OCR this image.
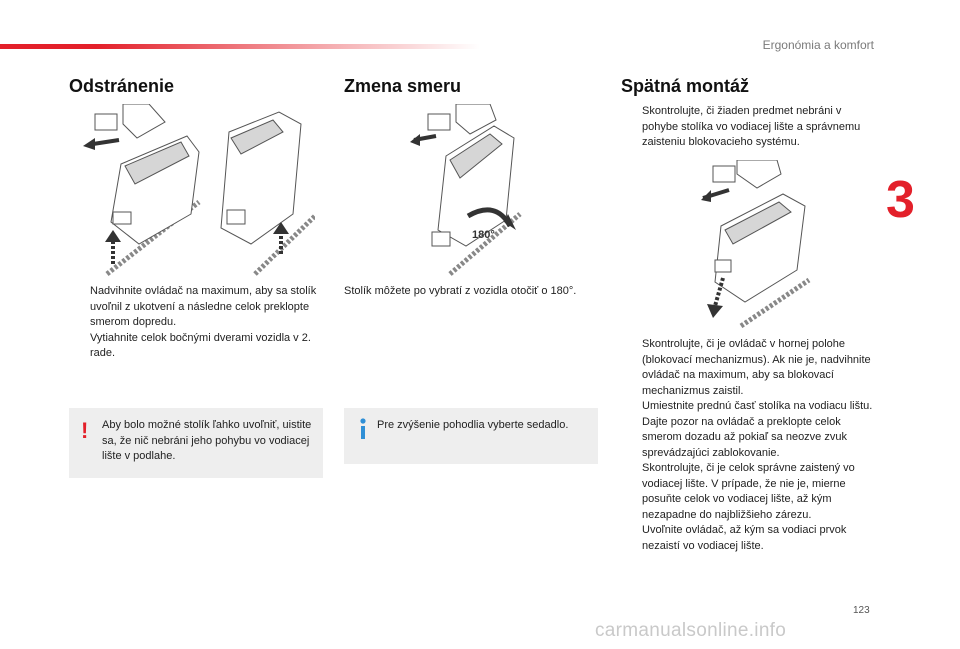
Ergonómia a komfort
3
Odstránenie
Nadvihnite ovládač na maximum, aby sa stolík uvoľnil z ukotvení a následne celok preklopte smerom dopredu.
Vytiahnite celok bočnými dverami vozidla v 2. rade.
! Aby bolo možné stolík ľahko uvoľniť, uistite sa, že nič nebráni jeho pohybu vo vodiacej lište v podlahe.
Zmena smeru
180°
Stolík môžete po vybratí z vozidla otočiť o 180°.
Pre zvýšenie pohodlia vyberte sedadlo.
Spätná montáž
Skontrolujte, či žiaden predmet nebráni v pohybe stolíka vo vodiacej lište a správnemu zaisteniu blokovacieho systému.
Skontrolujte, či je ovládač v hornej polohe (blokovací mechanizmus). Ak nie je, nadvihnite ovládač na maximum, aby sa blokovací mechanizmus zaistil.
Umiestnite prednú časť stolíka na vodiacu lištu.
Dajte pozor na ovládač a preklopte celok smerom dozadu až pokiaľ sa neozve zvuk sprevádzajúci zablokovanie.
Skontrolujte, či je celok správne zaistený vo vodiacej lište. V prípade, že nie je, mierne posuňte celok vo vodiacej lište, až kým nezapadne do najbližšieho zárezu.
Uvoľnite ovládač, až kým sa vodiaci prvok nezaistí vo vodiacej lište.
123
carmanualsonline.info
